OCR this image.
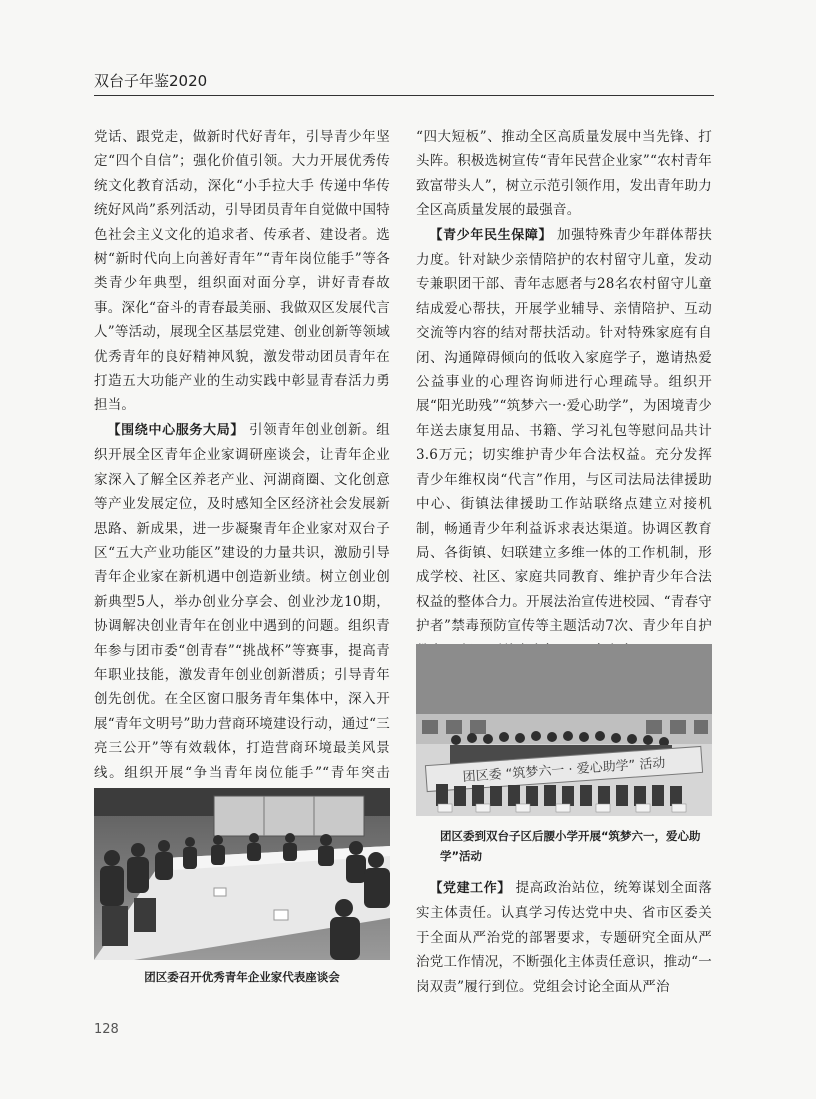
双台子年鉴2020

党话、跟党走，做新时代好青年，引导青少年坚定“四个自信”；强化价值引领。大力开展优秀传统文化教育活动，深化“小手拉大手 传递中华传统好风尚”系列活动，引导团员青年自觉做中国特色社会主义文化的追求者、传承者、建设者。选树“新时代向上向善好青年”“青年岗位能手”等各类青少年典型，组织面对面分享，讲好青春故事。深化“奋斗的青春最美丽、我做双区发展代言人”等活动，展现全区基层党建、创业创新等领域优秀青年的良好精神风貌，激发带动团员青年在打造五大功能产业的生动实践中彰显青春活力勇担当。

【围绕中心服务大局】 引领青年创业创新。组织开展全区青年企业家调研座谈会，让青年企业家深入了解全区养老产业、河湖商圈、文化创意等产业发展定位，及时感知全区经济社会发展新思路、新成果，进一步凝聚青年企业家对双台子区“五大产业功能区”建设的力量共识，激励引导青年企业家在新机遇中创造新业绩。树立创业创新典型5人，举办创业分享会、创业沙龙10期，协调解决创业青年在创业中遇到的问题。组织青年参与团市委“创青春”“挑战杯”等赛事，提高青年职业技能，激发青年创业创新潜质；引导青年创先创优。在全区窗口服务青年集体中，深入开展“青年文明号”助力营商环境建设行动，通过“三亮三公开”等有效载体，打造营商环境最美风景线。组织开展“争当青年岗位能手”“青年突击

团区委召开优秀青年企业家代表座谈会

“四大短板”、推动全区高质量发展中当先锋、打头阵。积极选树宣传“青年民营企业家”“农村青年致富带头人”，树立示范引领作用，发出青年助力全区高质量发展的最强音。

【青少年民生保障】 加强特殊青少年群体帮扶力度。针对缺少亲情陪护的农村留守儿童，发动专兼职团干部、青年志愿者与28名农村留守儿童结成爱心帮扶，开展学业辅导、亲情陪护、互动交流等内容的结对帮扶活动。针对特殊家庭有自闭、沟通障碍倾向的低收入家庭学子，邀请热爱公益事业的心理咨询师进行心理疏导。组织开展“阳光助残”“筑梦六一·爱心助学”，为困境青少年送去康复用品、书籍、学习礼包等慰问品共计3.6万元；切实维护青少年合法权益。充分发挥青少年维权岗“代言”作用，与区司法局法律援助中心、街镇法律援助工作站联络点建立对接机制，畅通青少年利益诉求表达渠道。协调区教育局、各街镇、妇联建立多维一体的工作机制，形成学校、社区、家庭共同教育、维护青少年合法权益的整体合力。开展法治宣传进校园、“青春守护者”禁毒预防宣传等主题活动7次、青少年自护

团区委 “筑梦六一 · 爱心助学” 活动
团区委到双台子区后腰小学开展“筑梦六一，爱心助学”活动

【党建工作】 提高政治站位，统筹谋划全面落实主体责任。认真学习传达党中央、省市区委关于全面从严治党的部署要求，专题研究全面从严治党工作情况，不断强化主体责任意识，推动“一岗双责”履行到位。党组会讨论全面从严治

128
